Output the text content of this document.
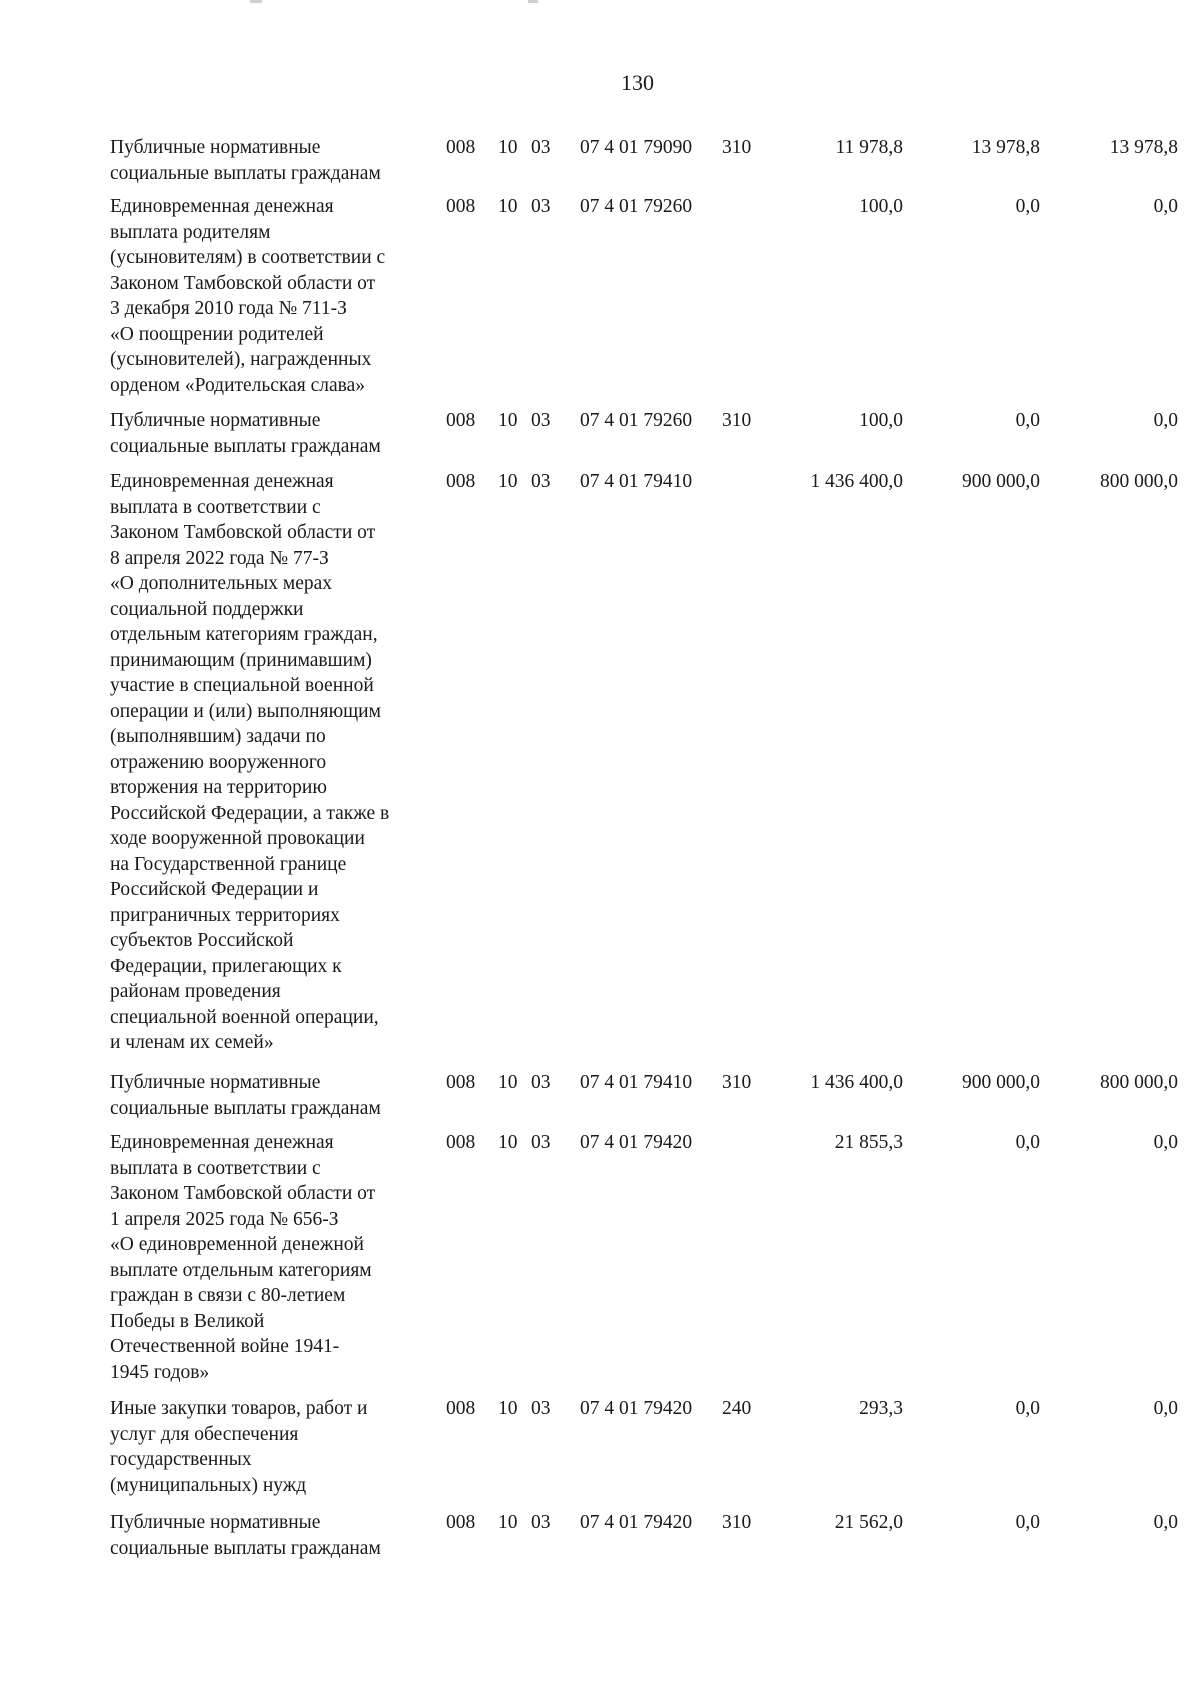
130
Публичные нормативные
социальные выплаты гражданам
008 10 03 07 4 01 79090 310	11 978,8	13 978,8	13 978,8
Единовременная денежная
выплата родителям
(усыновителям) в соответствии с
Законом Тамбовской области от
3 декабря 2010 года № 711-З
«О поощрении родителей
(усыновителей), награжденных
орденом «Родительская слава»
008 10 03 07 4 01 79260	100,0	0,0	0,0
Публичные нормативные
социальные выплаты гражданам
008 10 03 07 4 01 79260 310	100,0	0,0	0,0
Единовременная денежная
выплата в соответствии с
Законом Тамбовской области от
8 апреля 2022 года № 77-З
«О дополнительных мерах
социальной поддержки
отдельным категориям граждан,
принимающим (принимавшим)
участие в специальной военной
операции и (или) выполняющим
(выполнявшим) задачи по
отражению вооруженного
вторжения на территорию
Российской Федерации, а также в
ходе вооруженной провокации
на Государственной границе
Российской Федерации и
приграничных территориях
субъектов Российской
Федерации, прилегающих к
районам проведения
специальной военной операции,
и членам их семей»
008 10 03 07 4 01 79410	1 436 400,0	900 000,0	800 000,0
Публичные нормативные
социальные выплаты гражданам
008 10 03 07 4 01 79410 310	1 436 400,0	900 000,0	800 000,0
Единовременная денежная
выплата в соответствии с
Законом Тамбовской области от
1 апреля 2025 года № 656-З
«О единовременной денежной
выплате отдельным категориям
граждан в связи с 80-летием
Победы в Великой
Отечественной войне 1941-
1945 годов»
008 10 03 07 4 01 79420	21 855,3	0,0	0,0
Иные закупки товаров, работ и
услуг для обеспечения
государственных
(муниципальных) нужд
008 10 03 07 4 01 79420 240	293,3	0,0	0,0
Публичные нормативные
социальные выплаты гражданам
008 10 03 07 4 01 79420 310	21 562,0	0,0	0,0
